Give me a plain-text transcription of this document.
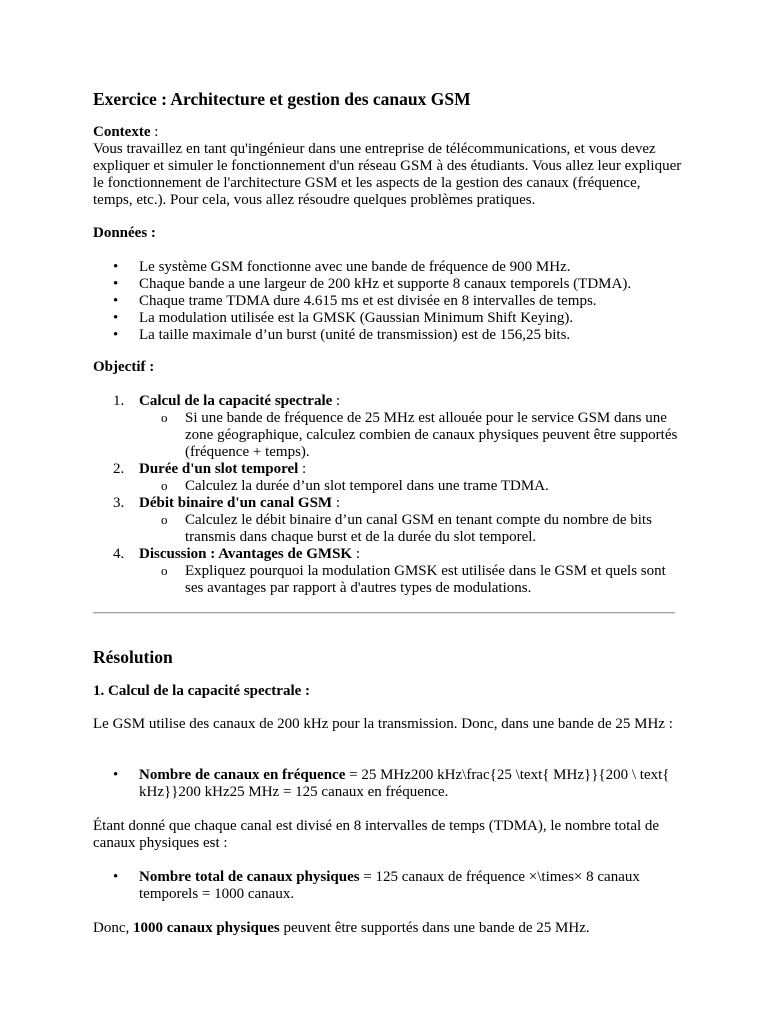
Exercice : Architecture et gestion des canaux GSM

Contexte :
Vous travaillez en tant qu'ingénieur dans une entreprise de télécommunications, et vous devez expliquer et simuler le fonctionnement d'un réseau GSM à des étudiants. Vous allez leur expliquer le fonctionnement de l'architecture GSM et les aspects de la gestion des canaux (fréquence, temps, etc.). Pour cela, vous allez résoudre quelques problèmes pratiques.

Données :

• Le système GSM fonctionne avec une bande de fréquence de 900 MHz.
• Chaque bande a une largeur de 200 kHz et supporte 8 canaux temporels (TDMA).
• Chaque trame TDMA dure 4.615 ms et est divisée en 8 intervalles de temps.
• La modulation utilisée est la GMSK (Gaussian Minimum Shift Keying).
• La taille maximale d’un burst (unité de transmission) est de 156,25 bits.

Objectif :

1. Calcul de la capacité spectrale :
o Si une bande de fréquence de 25 MHz est allouée pour le service GSM dans une zone géographique, calculez combien de canaux physiques peuvent être supportés (fréquence + temps).
2. Durée d'un slot temporel :
o Calculez la durée d’un slot temporel dans une trame TDMA.
3. Débit binaire d'un canal GSM :
o Calculez le débit binaire d’un canal GSM en tenant compte du nombre de bits transmis dans chaque burst et de la durée du slot temporel.
4. Discussion : Avantages de GMSK :
o Expliquez pourquoi la modulation GMSK est utilisée dans le GSM et quels sont ses avantages par rapport à d'autres types de modulations.
Résolution

1. Calcul de la capacité spectrale :

Le GSM utilise des canaux de 200 kHz pour la transmission. Donc, dans une bande de 25 MHz :

• Nombre de canaux en fréquence = 25 MHz200 kHz\frac{25 \text{ MHz}}{200 \ text{ kHz}}200 kHz25 MHz = 125 canaux en fréquence.

Étant donné que chaque canal est divisé en 8 intervalles de temps (TDMA), le nombre total de canaux physiques est :

• Nombre total de canaux physiques = 125 canaux de fréquence ×\times× 8 canaux temporels = 1000 canaux.

Donc, 1000 canaux physiques peuvent être supportés dans une bande de 25 MHz.
